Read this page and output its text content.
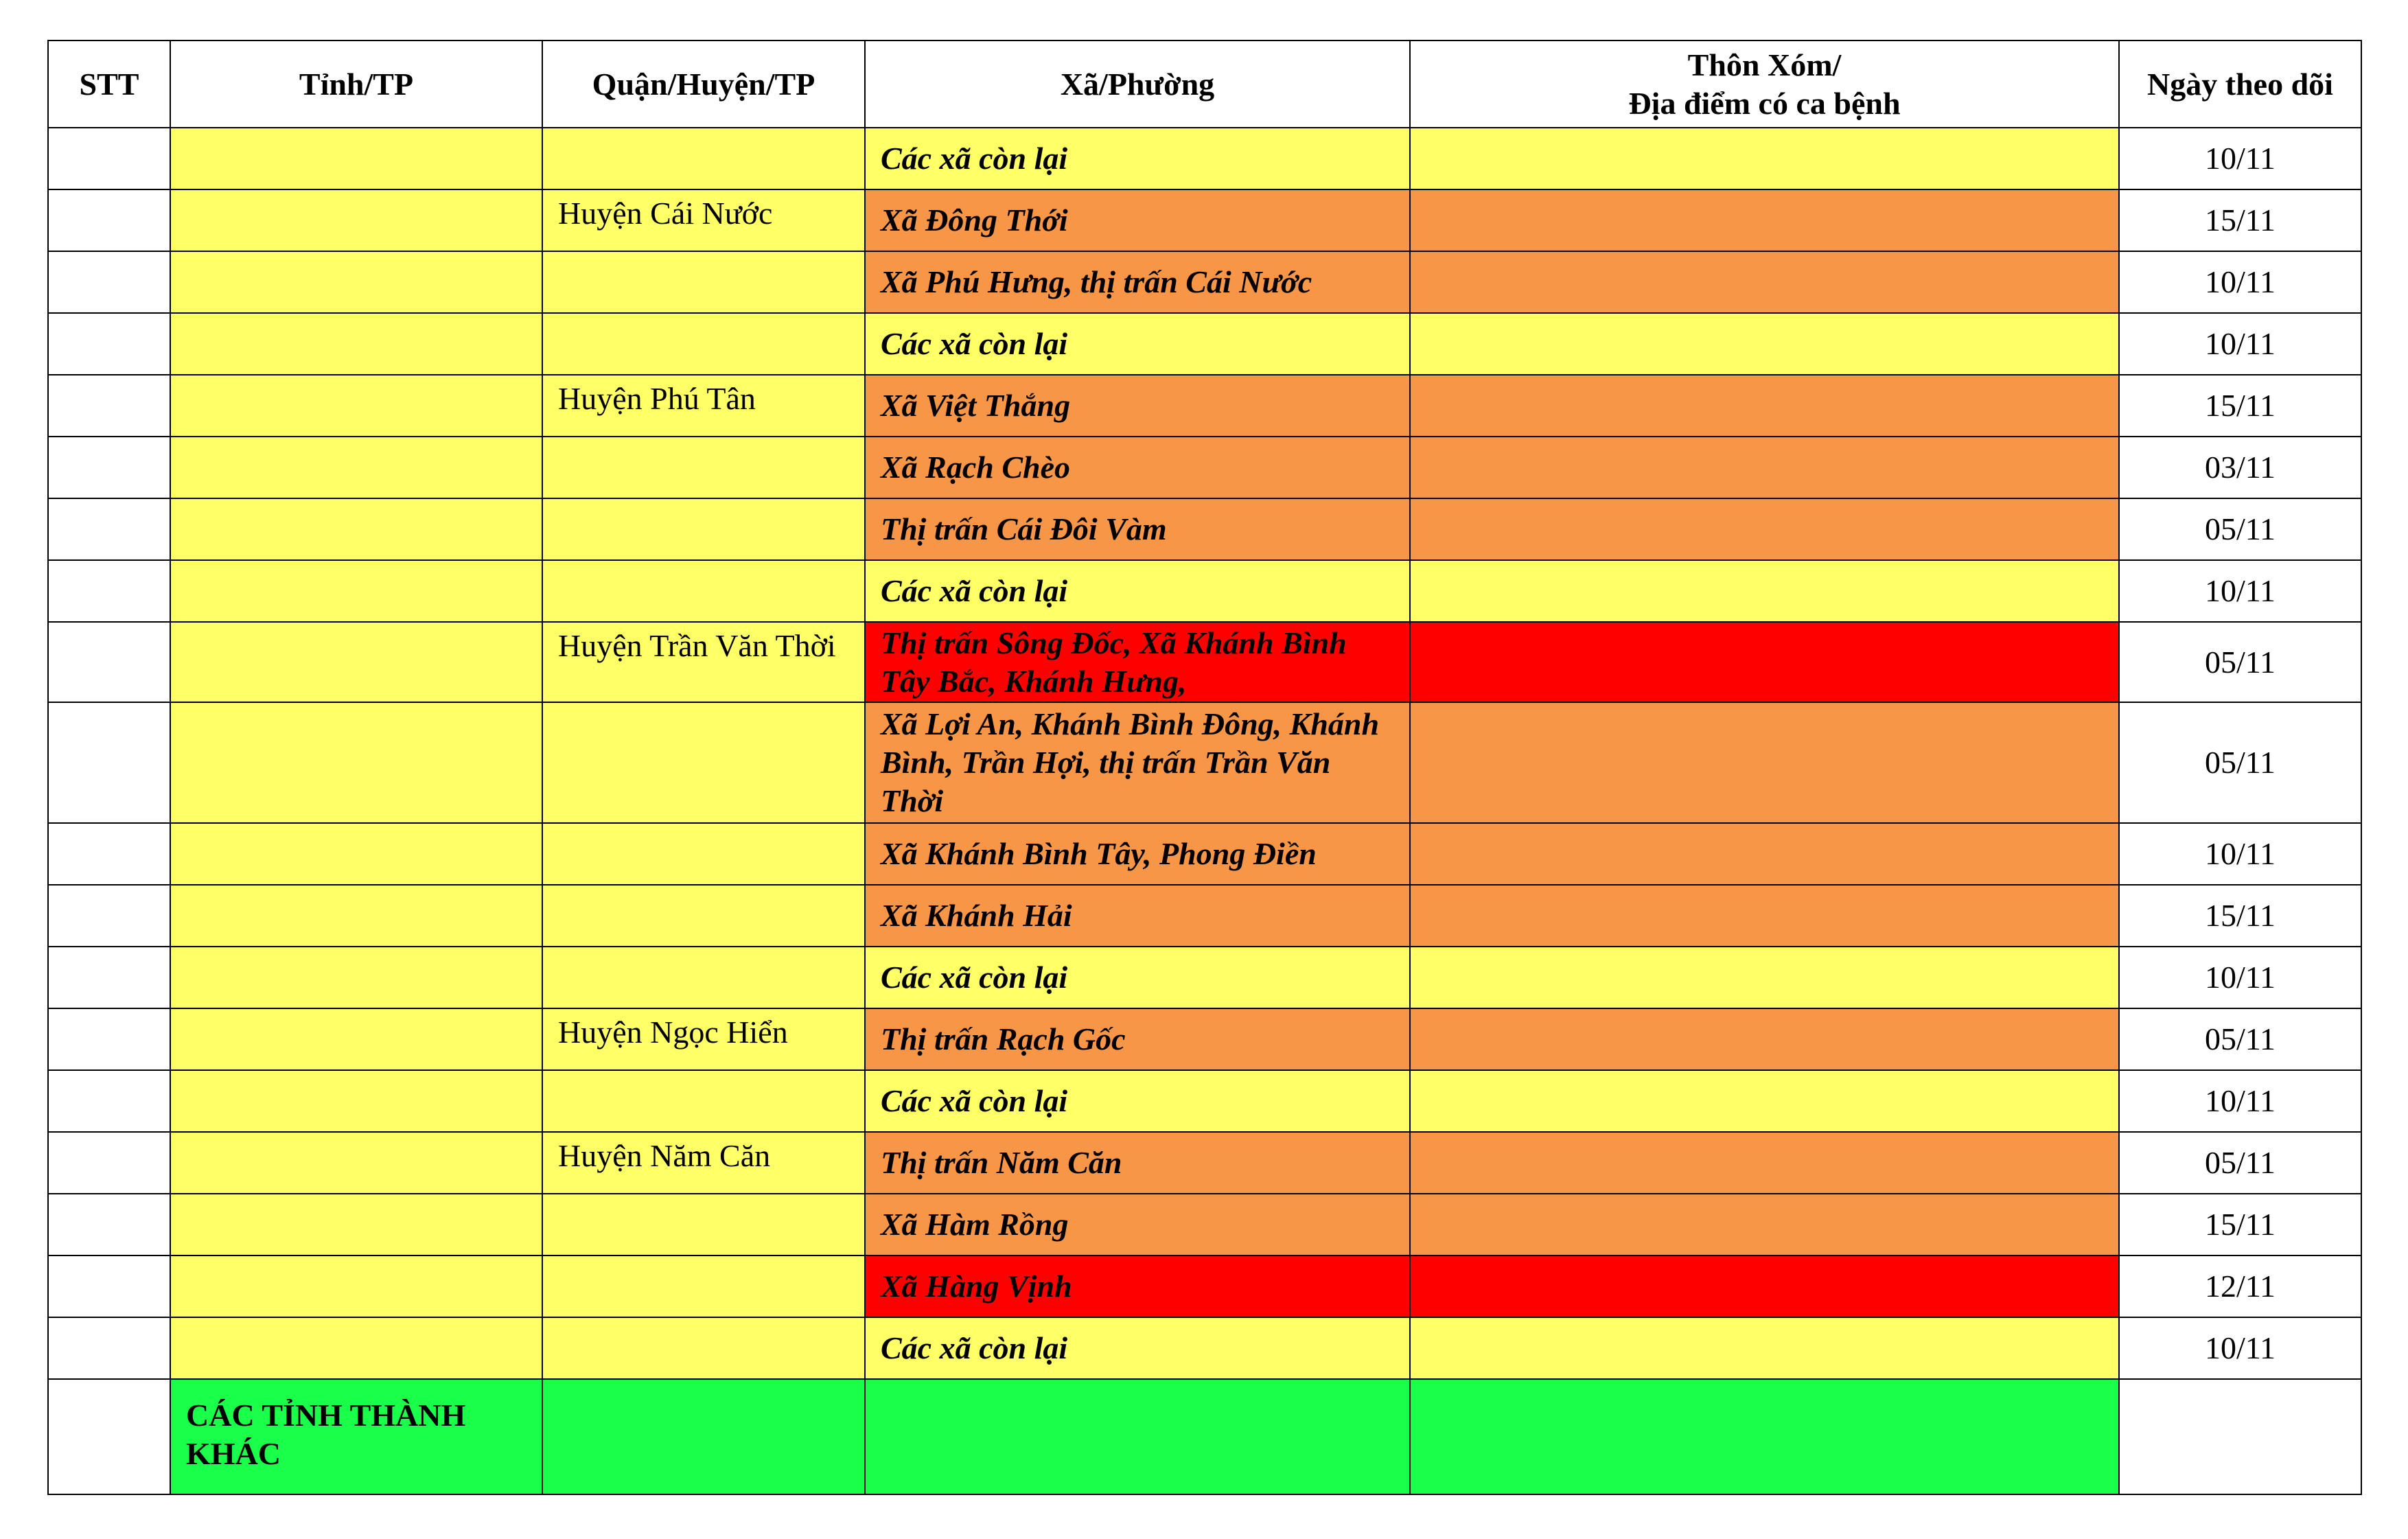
STT	Tỉnh/TP	Quận/Huyện/TP	Xã/Phường	Thôn Xóm/
Địa điểm có ca bệnh	Ngày theo dõi
			Các xã còn lại		10/11
		Huyện Cái Nước	Xã Đông Thới		15/11
			Xã Phú Hưng, thị trấn Cái Nước		10/11
			Các xã còn lại		10/11
		Huyện Phú Tân	Xã Việt Thắng		15/11
			Xã Rạch Chèo		03/11
			Thị trấn Cái Đôi Vàm		05/11
			Các xã còn lại		10/11
		Huyện Trần Văn Thời	Thị trấn Sông Đốc, Xã Khánh Bình Tây Bắc, Khánh Hưng,		05/11
			Xã Lợi An, Khánh Bình Đông, Khánh Bình, Trần Hợi, thị trấn Trần Văn Thời		05/11
			Xã Khánh Bình Tây, Phong Điền		10/11
			Xã Khánh Hải		15/11
			Các xã còn lại		10/11
		Huyện Ngọc Hiển	Thị trấn Rạch Gốc		05/11
			Các xã còn lại		10/11
		Huyện Năm Căn	Thị trấn Năm Căn		05/11
			Xã Hàm Rồng		15/11
			Xã Hàng Vịnh		12/11
			Các xã còn lại		10/11
	CÁC TỈNH THÀNH KHÁC				
